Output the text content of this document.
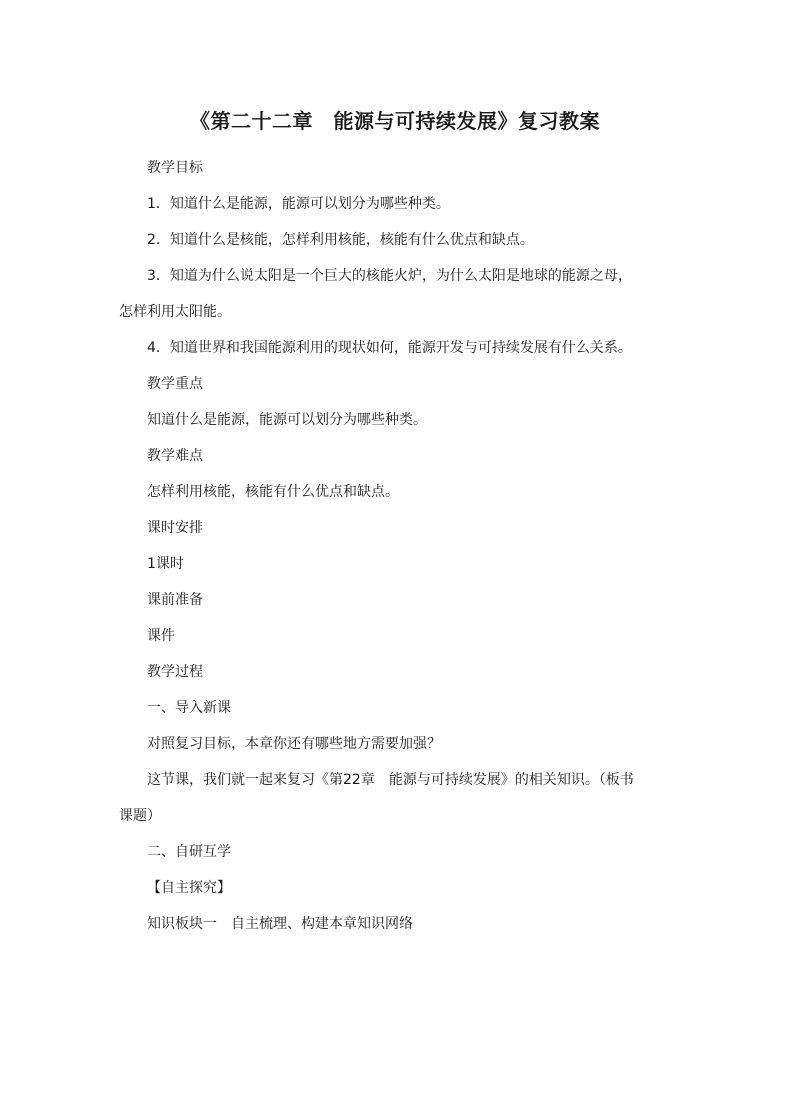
《第二十二章　能源与可持续发展》复习教案

教学目标

1．知道什么是能源，能源可以划分为哪些种类。

2．知道什么是核能，怎样利用核能，核能有什么优点和缺点。

3．知道为什么说太阳是一个巨大的核能火炉，为什么太阳是地球的能源之母，怎样利用太阳能。

4．知道世界和我国能源利用的现状如何，能源开发与可持续发展有什么关系。

教学重点

知道什么是能源，能源可以划分为哪些种类。

教学难点

怎样利用核能，核能有什么优点和缺点。

课时安排

1课时

课前准备

课件

教学过程

一、导入新课

对照复习目标，本章你还有哪些地方需要加强？

这节课，我们就一起来复习《第22章　能源与可持续发展》的相关知识。（板书课题）

二、自研互学

【自主探究】

知识板块一　自主梳理、构建本章知识网络
